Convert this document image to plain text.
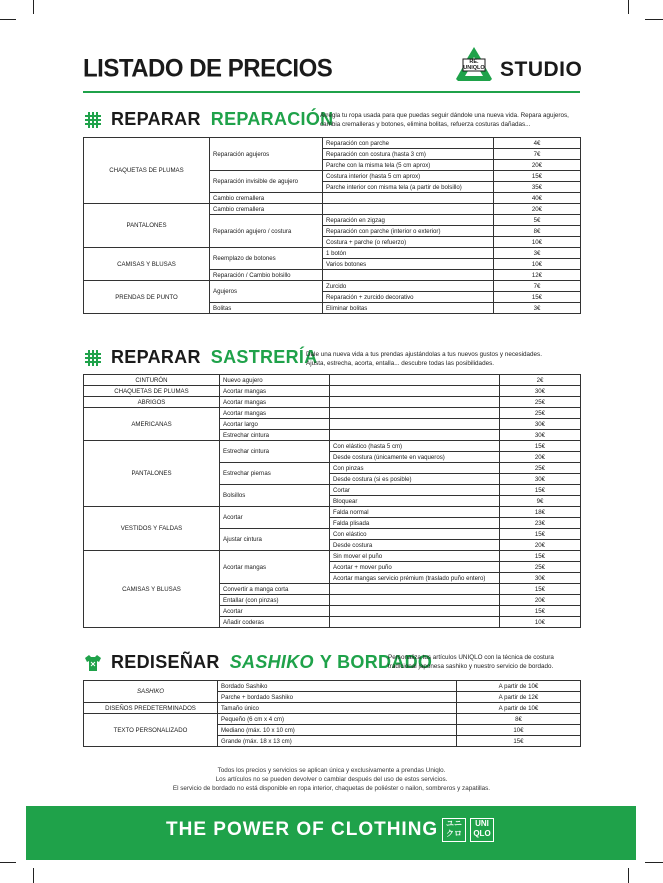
LISTADO DE PRECIOS	RE.
UNIQLO STUDIO
REPARAR REPARACIÓN
Arregla tu ropa usada para que puedas seguir dándole una nueva vida. Repara agujeros, cambia cremalleras y botones, elimina bolitas, refuerza costuras dañadas...
CHAQUETAS DE PLUMAS	Reparación agujeros	Reparación con parche	4€
		Reparación con costura (hasta 3 cm)	7€
		Parche con la misma tela (5 cm aprox)	20€
	Reparación invisible de agujero	Costura interior (hasta 5 cm aprox)	15€
		Parche interior con misma tela (a partir de bolsillo)	35€
	Cambio cremallera		40€
PANTALONES	Cambio cremallera		20€
	Reparación agujero / costura	Reparación en zigzag	5€
		Reparación con parche (interior o exterior)	8€
		Costura + parche (o refuerzo)	10€
CAMISAS Y BLUSAS	Reemplazo de botones	1 botón	3€
		Varios botones	10€
	Reparación / Cambio bolsillo		12€
PRENDAS DE PUNTO	Agujeros	Zurcido	7€
		Reparación + zurcido decorativo	15€
	Bolitas	Eliminar bolitas	3€
REPARAR SASTRERÍA
Dale una nueva vida a tus prendas ajustándolas a tus nuevos gustos y necesidades.
Ajusta, estrecha, acorta, entalla... descubre todas las posibilidades.
CINTURÓN	Nuevo agujero		2€
CHAQUETAS DE PLUMAS	Acortar mangas		30€
ABRIGOS	Acortar mangas		25€
AMERICANAS	Acortar mangas		25€
	Acortar largo		30€
	Estrechar cintura		30€
PANTALONES	Estrechar cintura	Con elástico (hasta 5 cm)	15€
		Desde costura (únicamente en vaqueros)	20€
	Estrechar piernas	Con pinzas	25€
		Desde costura (si es posible)	30€
	Bolsillos	Cortar	15€
		Bloquear	9€
VESTIDOS Y FALDAS	Acortar	Falda normal	18€
		Falda plisada	23€
	Ajustar cintura	Con elástico	15€
		Desde costura	20€
CAMISAS Y BLUSAS	Acortar mangas	Sin mover el puño	15€
		Acortar + mover puño	25€
		Acortar mangas servicio prémium (traslado puño entero)	30€
	Convertir a manga corta		15€
	Entallar (con pinzas)		20€
	Acortar		15€
	Añadir coderas		10€
REDISEÑAR SASHIKO Y BORDADO
Personaliza tus artículos UNIQLO con la técnica de costura
tradicional japonesa sashiko y nuestro servicio de bordado.
SASHIKO	Bordado Sashiko	A partir de 10€
	Parche + bordado Sashiko	A partir de 12€
DISEÑOS PREDETERMINADOS	Tamaño único	A partir de 10€
TEXTO PERSONALIZADO	Pequeño (6 cm x 4 cm)	8€
	Mediano (máx. 10 x 10 cm)	10€
	Grande (máx. 18 x 13 cm)	15€
Todos los precios y servicios se aplican única y exclusivamente a prendas Uniqlo.
Los artículos no se pueden devolver o cambiar después del uso de estos servicios.
El servicio de bordado no está disponible en ropa interior, chaquetas de poliéster o nailon, sombreros y zapatillas.
THE POWER OF CLOTHING ユニ
クロ
UNI
QLO
